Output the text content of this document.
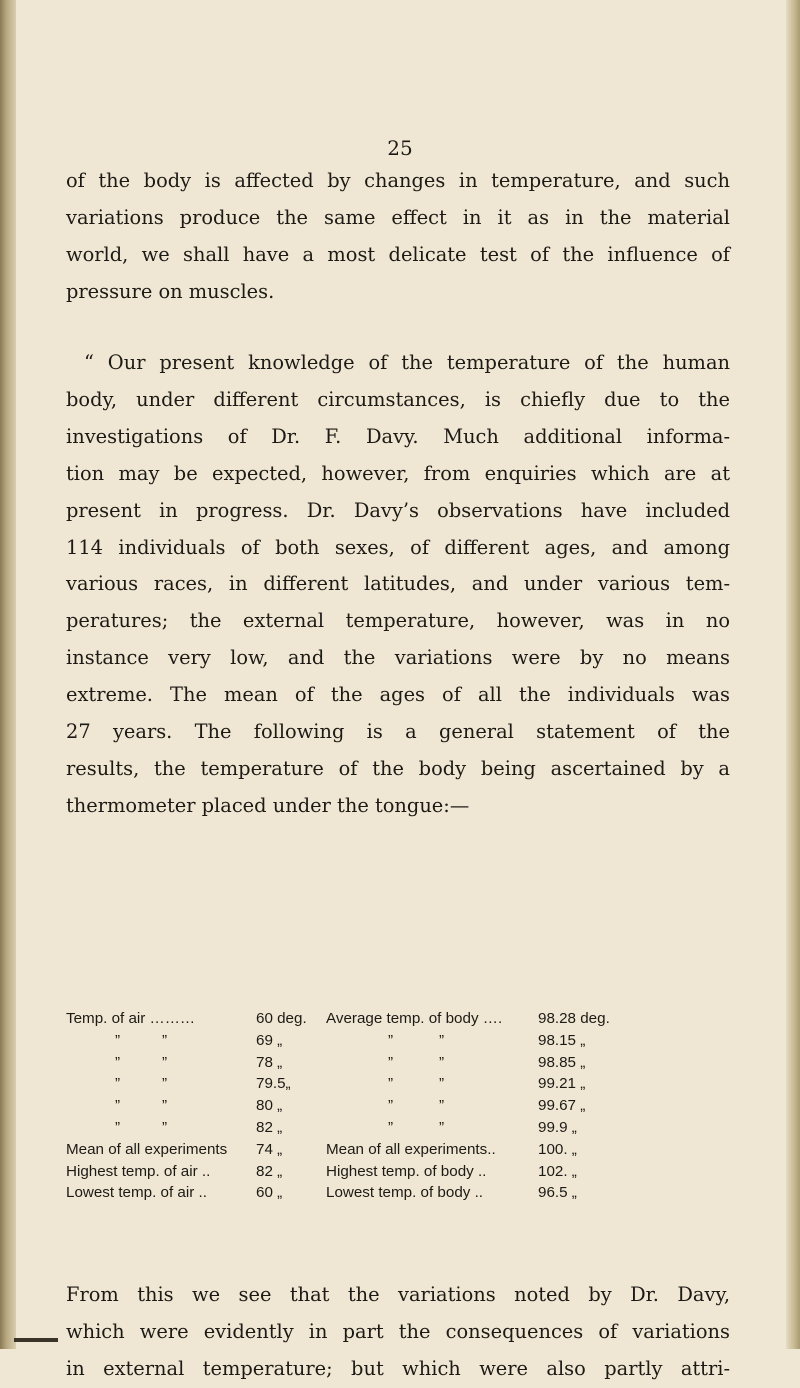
25
of the body is affected by changes in temperature, and such
variations produce the same effect in it as in the material
world, we shall have a most delicate test of the influence of
pressure on muscles.
“ Our present knowledge of the temperature of the human
body, under different circumstances, is chiefly due to the
investigations of Dr. F. Davy. Much additional informa-
tion may be expected, however, from enquiries which are at
present in progress. Dr. Davy’s observations have included
114 individuals of both sexes, of different ages, and among
various races, in different latitudes, and under various tem-
peratures; the external temperature, however, was in no
instance very low, and the variations were by no means
extreme. The mean of the ages of all the individuals was
27 years. The following is a general statement of the
results, the temperature of the body being ascertained by a
thermometer placed under the tongue:—
Temp. of air ………	60 deg. Average temp. of body …. 98.28 deg.
”	”	69 „	”	”	98.15 „
”	”	78 „	”	”	98.85 „
”	”	79.5„	”	”	99.21 „
”	”	80 „	”	”	99.67 „
”	”	82 „	”	”	99.9 „
Mean of all experiments 74 „	Mean of all experiments..	100. „
Highest temp. of air ..	82 „	Highest temp. of body ..	102. „
Lowest temp. of air ..	60 „	Lowest temp. of body ..	96.5 „
From this we see that the variations noted by Dr. Davy,
which were evidently in part the consequences of variations
in external temperature; but which were also partly attri-
